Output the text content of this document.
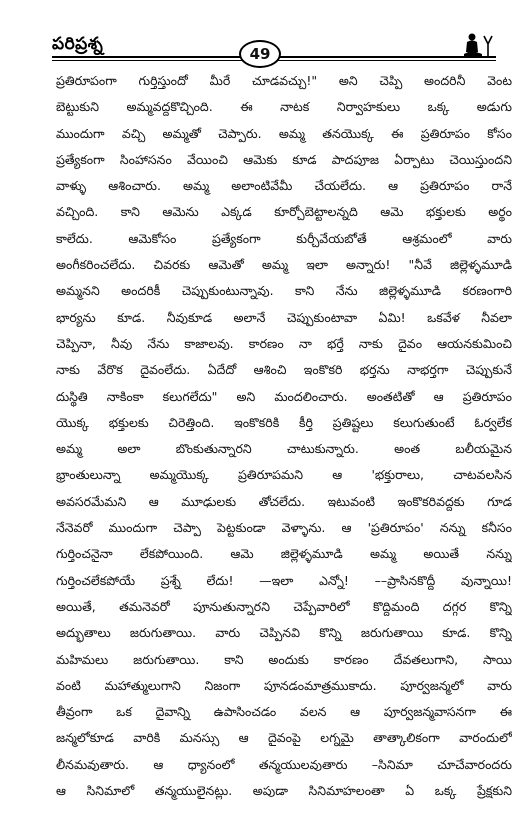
పరిప్రశ్న	49
ప్రతిరూపంగా గుర్తిస్తుందో మీరే చూడవచ్చు!" అని చెప్పి అందరినీ వెంట
బెట్టుకుని అమ్మవద్దకొచ్చింది. ఈ నాటక నిర్వాహకులు ఒక్క అడుగు
ముందుగా వచ్చి అమ్మతో చెప్పారు. అమ్మ తనయొక్క ఈ ప్రతిరూపం కోసం
ప్రత్యేకంగా సింహాసనం వేయించి ఆమెకు కూడ పాదపూజ ఏర్పాటు చెయిస్తుందని
వాళ్ళు ఆశించారు. అమ్మ అలాంటివేమీ చేయలేదు. ఆ ప్రతిరూపం రానే
వచ్చింది. కాని ఆమెను ఎక్కడ కూర్చోబెట్టాలన్నది ఆమె భక్తులకు అర్థం
కాలేదు. ఆమెకోసం ప్రత్యేకంగా కుర్చీవేయబోతే ఆశ్రమంలో వారు
అంగీకరించలేదు. చివరకు ఆమెతో అమ్మ ఇలా అన్నారు! "నీవే జిల్లెళ్ళమూడి
అమ్మనని అందరికీ చెప్పుకుంటున్నావు. కాని నేను జిల్లెళ్ళమూడి కరణంగారి
భార్యను కూడ. నీవుకూడ అలానే చెప్పుకుంటావా ఏమి! ఒకవేళ నీవలా
చెప్పినా, నీవు నేను కాజాలవు. కారణం నా భర్తే నాకు దైవం ఆయనకుమించి
నాకు వేరొక దైవంలేదు. ఏదేదో ఆశించి ఇంకొకరి భర్తను నాభర్తగా చెప్పుకునే
దుస్థితి నాకింకా కలుగలేదు" అని మందలించారు. అంతటితో ఆ ప్రతిరూపం
యొక్క భక్తులకు చిరెత్తింది. ఇంకొకరికి కీర్తి ప్రతిష్టలు కలుగుతుంటే ఓర్వలేక
అమ్మ అలా బొంకుతున్నారని చాటుకున్నారు. అంత బలీయమైన
భ్రాంతులున్నా అమ్మయొక్క ప్రతిరూపమని ఆ 'భక్తురాలు, చాటవలసిన
అవసరమేమని ఆ మూఢులకు తోచలేదు. ఇటువంటి ఇంకొకరివద్దకు గూడ
నేనెవరో ముందుగా చెప్పా పెట్టకుండా వెళ్ళాను. ఆ 'ప్రతిరూపం' నన్ను కనీసం
గుర్తించనైనా లేకపోయింది. ఆమె జిల్లెళ్ళమూడి అమ్మ అయితే నన్ను
గుర్తించలేకపోయే ప్రశ్నే లేదు! —ఇలా ఎన్నో! ––ప్రాసినకొద్దీ వున్నాయి!
అయితే, తమనెవరో పూనుతున్నారని చెప్పేవారిలో కొద్దిమంది దగ్గర కొన్ని
అద్భుతాలు జరుగుతాయి. వారు చెప్పినవి కొన్ని జరుగుతాయి కూడ. కొన్ని
మహిమలు జరుగుతాయి. కాని అందుకు కారణం దేవతలుగాని, సాయి
వంటి మహాత్ములుగాని నిజంగా పూనడంమాత్రముకాదు. పూర్వజన్మలో వారు
తీవ్రంగా ఒక దైవాన్ని ఉపాసించడం వలన ఆ పూర్వజన్మవాసనగా ఈ
జన్మలోకూడ వారికి మనస్సు ఆ దైవంపై లగ్నమై తాత్కాలికంగా వారందులో
లీనమవుతారు. ఆ ధ్యానంలో తన్మయులవుతారు –సినిమా చూచేవారందరు
ఆ సినిమాలో తన్మయులైనట్లు. అపుడా సినిమాహలంతా ఏ ఒక్క ప్రేక్షకుని
